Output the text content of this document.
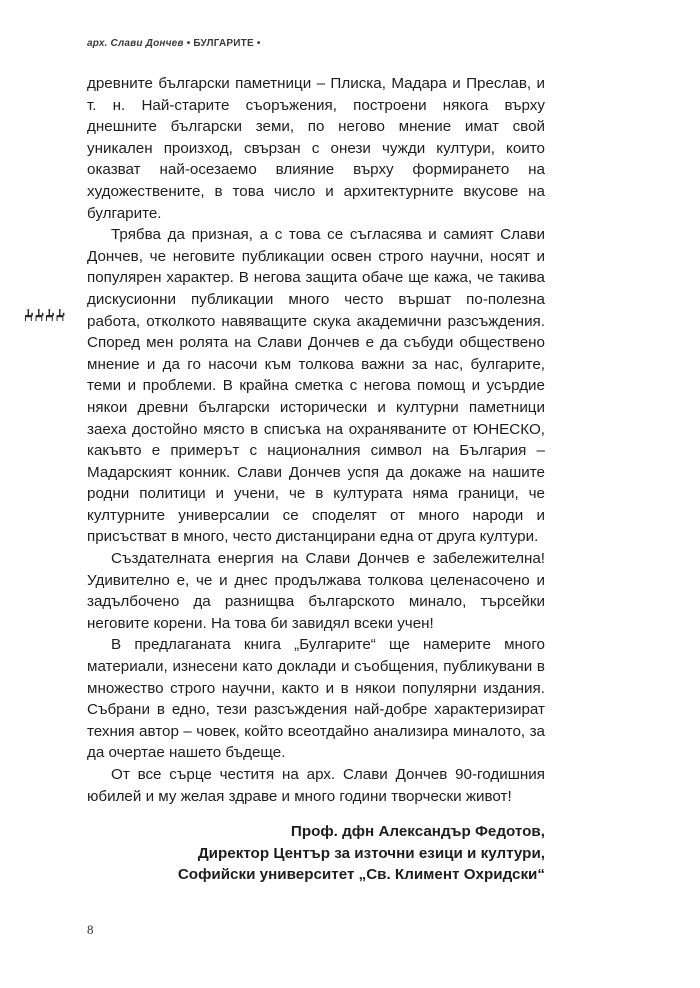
арх. Слави Дончев • БУЛГАРИТЕ •

древните български паметници – Плиска, Мадара и Преслав, и т. н. Най-старите съоръжения, построени някога върху днешните български земи, по негово мнение имат свой уникален произход, свързан с онези чужди култури, които оказват най-осезаемо влияние върху формирането на художествените, в това число и архитектурните вкусове на булгарите.

Трябва да призная, а с това се съгласява и самият Слави Дончев, че неговите публикации освен строго научни, носят и популярен характер. В негова защита обаче ще кажа, че такива дискусионни публикации много често вършат по-полезна работа, отколкото навяващите скука академични разсъждения. Според мен ролята на Слави Дончев е да събуди обществено мнение и да го насочи към толкова важни за нас, булгарите, теми и проблеми. В крайна сметка с негова помощ и усърдие някои древни български исторически и културни паметници заеха достойно място в списъка на охраняваните от ЮНЕСКО, какъвто е примерът с националния символ на България – Мадарският конник. Слави Дончев успя да докаже на нашите родни политици и учени, че в културата няма граници, че културните универсалии се споделят от много народи и присъстват в много, често дистанцирани една от друга култури.

Създателната енергия на Слави Дончев е забележителна! Удивително е, че и днес продължава толкова целенасочено и задълбочено да разнищва българското минало, търсейки неговите корени. На това би завидял всеки учен!

В предлаганата книга „Булгарите“ ще намерите много материали, изнесени като доклади и съобщения, публикувани в множество строго научни, както и в някои популярни издания. Събрани в едно, тези разсъждения най-добре характеризират техния автор – човек, който всеотдайно анализира миналото, за да очертае нашето бъдеще.

От все сърце честитя на арх. Слави Дончев 90-годишния юбилей и му желая здраве и много години творчески живот!

Проф. дфн Александър Федотов,
Директор Център за източни езици и култури,
Софийски университет „Св. Климент Охридски“
8
